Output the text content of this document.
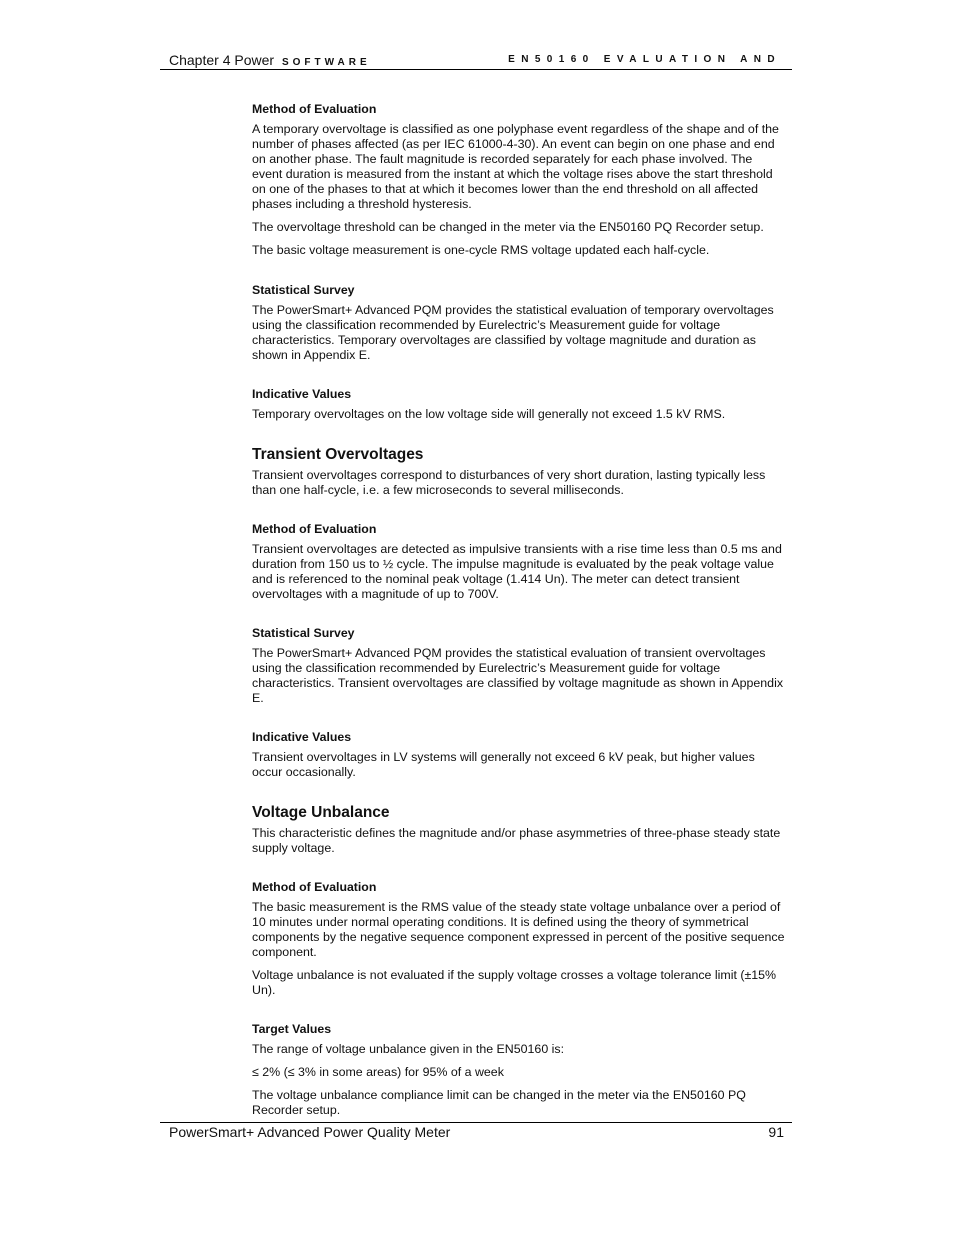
Chapter 4 Power SOFTWARE	EN50160 EVALUATION AND
Method of Evaluation

A temporary overvoltage is classified as one polyphase event regardless of the shape and of the number of phases affected (as per IEC 61000-4-30). An event can begin on one phase and end on another phase. The fault magnitude is recorded separately for each phase involved. The event duration is measured from the instant at which the voltage rises above the start threshold on one of the phases to that at which it becomes lower than the end threshold on all affected phases including a threshold hysteresis.

The overvoltage threshold can be changed in the meter via the EN50160 PQ Recorder setup.

The basic voltage measurement is one-cycle RMS voltage updated each half-cycle.

Statistical Survey

The PowerSmart+ Advanced PQM provides the statistical evaluation of temporary overvoltages using the classification recommended by Eurelectric’s Measurement guide for voltage characteristics. Temporary overvoltages are classified by voltage magnitude and duration as shown in Appendix E.

Indicative Values

Temporary overvoltages on the low voltage side will generally not exceed 1.5 kV RMS.

Transient Overvoltages

Transient overvoltages correspond to disturbances of very short duration, lasting typically less than one half-cycle, i.e. a few microseconds to several milliseconds.

Method of Evaluation

Transient overvoltages are detected as impulsive transients with a rise time less than 0.5 ms and duration from 150 us to ½ cycle. The impulse magnitude is evaluated by the peak voltage value and is referenced to the nominal peak voltage (1.414 Un). The meter can detect transient overvoltages with a magnitude of up to 700V.

Statistical Survey

The PowerSmart+ Advanced PQM provides the statistical evaluation of transient overvoltages using the classification recommended by Eurelectric’s Measurement guide for voltage characteristics. Transient overvoltages are classified by voltage magnitude as shown in Appendix E.

Indicative Values

Transient overvoltages in LV systems will generally not exceed 6 kV peak, but higher values occur occasionally.

Voltage Unbalance

This characteristic defines the magnitude and/or phase asymmetries of three-phase steady state supply voltage.

Method of Evaluation

The basic measurement is the RMS value of the steady state voltage unbalance over a period of 10 minutes under normal operating conditions. It is defined using the theory of symmetrical components by the negative sequence component expressed in percent of the positive sequence component.

Voltage unbalance is not evaluated if the supply voltage crosses a voltage tolerance limit (±15% Un).

Target Values

The range of voltage unbalance given in the EN50160 is:

≤ 2% (≤ 3% in some areas) for 95% of a week

The voltage unbalance compliance limit can be changed in the meter via the EN50160 PQ Recorder setup.

PowerSmart+ Advanced Power Quality Meter	91
